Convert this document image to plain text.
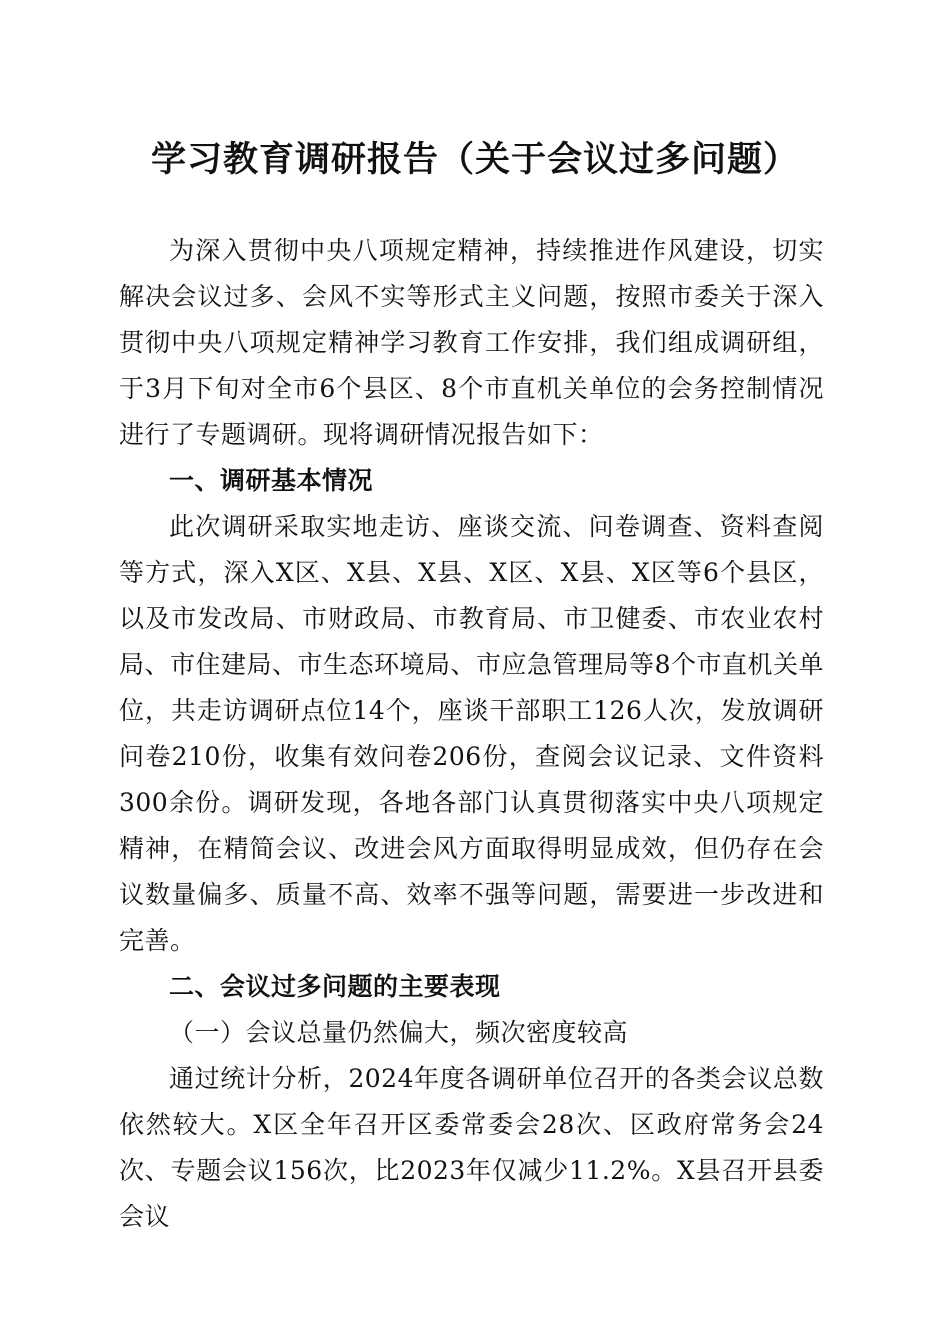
学习教育调研报告（关于会议过多问题）

为深入贯彻中央八项规定精神，持续推进作风建设，切实解决会议过多、会风不实等形式主义问题，按照市委关于深入贯彻中央八项规定精神学习教育工作安排，我们组成调研组，于3月下旬对全市6个县区、8个市直机关单位的会务控制情况进行了专题调研。现将调研情况报告如下：

一、调研基本情况

此次调研采取实地走访、座谈交流、问卷调查、资料查阅等方式，深入X区、X县、X县、X区、X县、X区等6个县区，以及市发改局、市财政局、市教育局、市卫健委、市农业农村局、市住建局、市生态环境局、市应急管理局等8个市直机关单位，共走访调研点位14个，座谈干部职工126人次，发放调研问卷210份，收集有效问卷206份，查阅会议记录、文件资料300余份。调研发现，各地各部门认真贯彻落实中央八项规定精神，在精简会议、改进会风方面取得明显成效，但仍存在会议数量偏多、质量不高、效率不强等问题，需要进一步改进和完善。

二、会议过多问题的主要表现
（一）会议总量仍然偏大，频次密度较高

通过统计分析，2024年度各调研单位召开的各类会议总数依然较大。X区全年召开区委常委会28次、区政府常务会24次、专题会议156次，比2023年仅减少11.2%。X县召开县委会议
